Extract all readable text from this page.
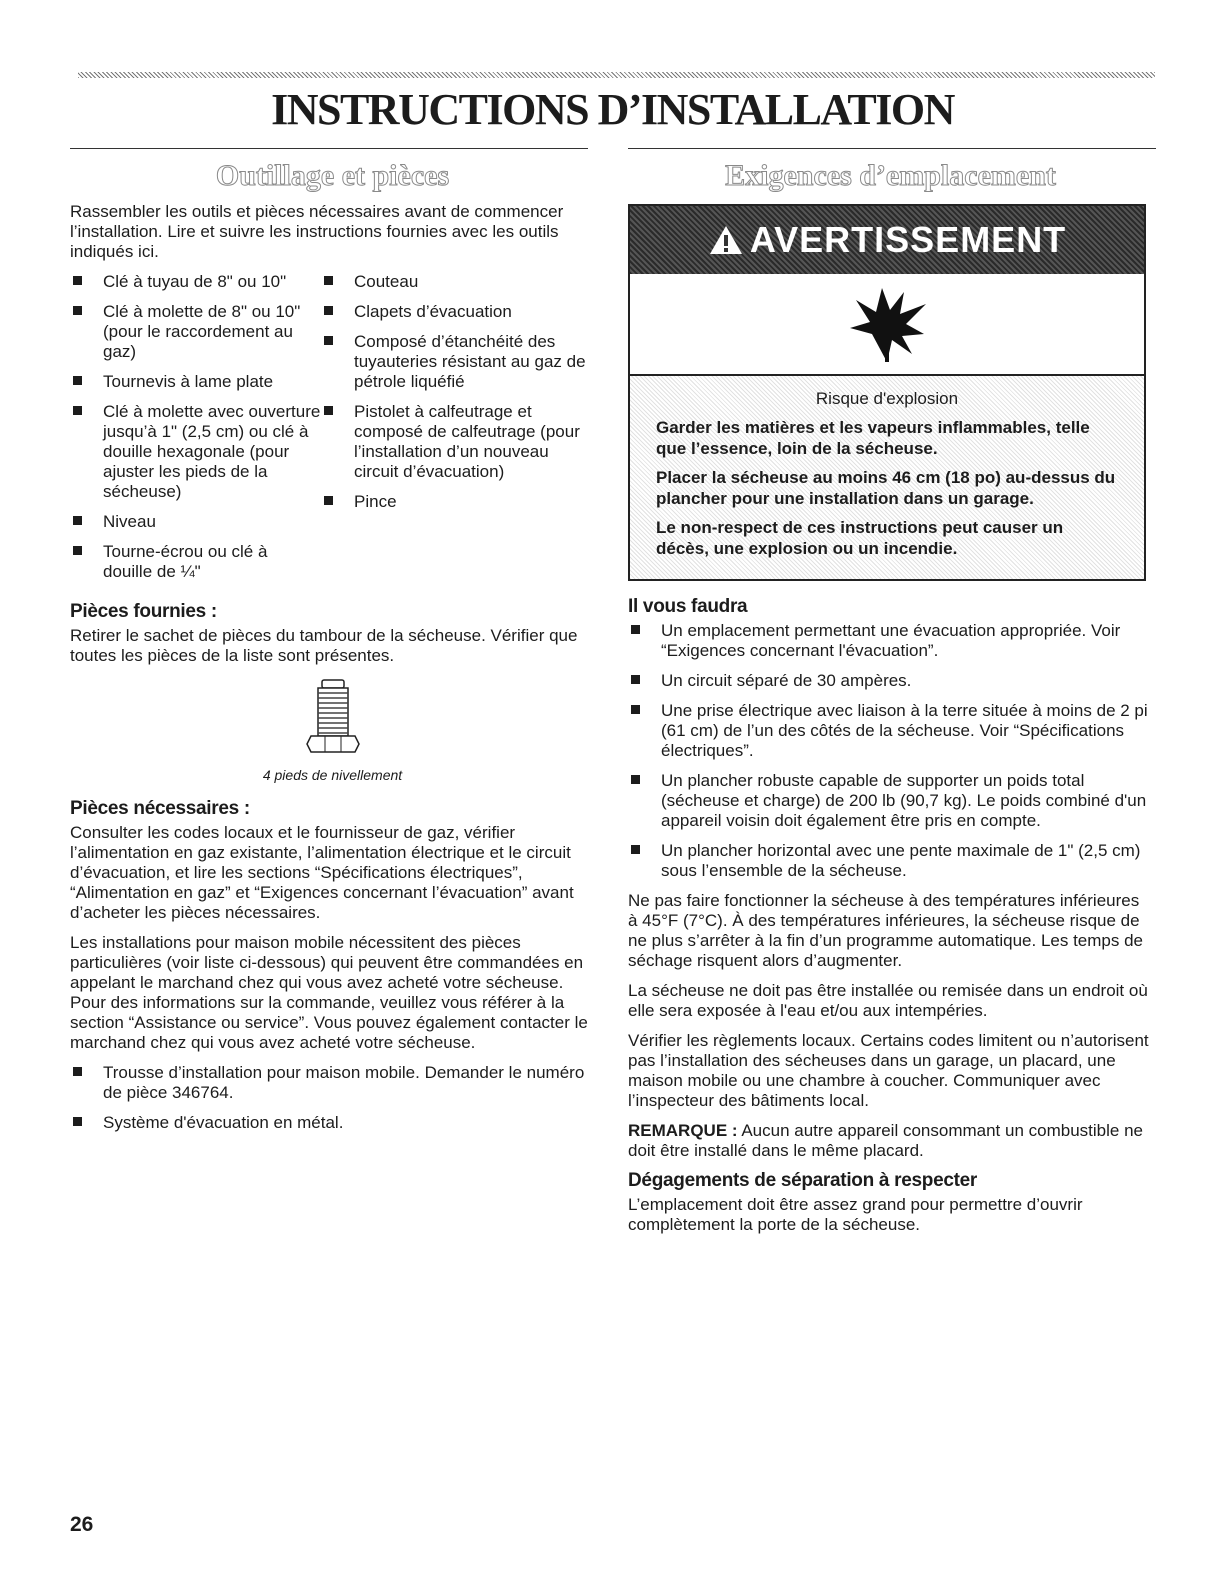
INSTRUCTIONS D’INSTALLATION
Outillage et pièces

Rassembler les outils et pièces nécessaires avant de commencer l’installation. Lire et suivre les instructions fournies avec les outils indiqués ici.

Clé à tuyau de 8" ou 10"
Clé à molette de 8" ou 10" (pour le raccordement au gaz)
Tournevis à lame plate
Clé à molette avec ouverture jusqu’à 1" (2,5 cm) ou clé à douille hexagonale (pour ajuster les pieds de la sécheuse)
Niveau
Tourne-écrou ou clé à douille de ¼"
Couteau
Clapets d’évacuation
Composé d’étanchéité des tuyauteries résistant au gaz de pétrole liquéfié
Pistolet à calfeutrage et composé de calfeutrage (pour l’installation d’un nouveau circuit d’évacuation)
Pince
Pièces fournies :

Retirer le sachet de pièces du tambour de la sécheuse. Vérifier que toutes les pièces de la liste sont présentes.

4 pieds de nivellement
Pièces nécessaires :

Consulter les codes locaux et le fournisseur de gaz, vérifier l’alimentation en gaz existante, l’alimentation électrique et le circuit d’évacuation, et lire les sections “Spécifications électriques”, “Alimentation en gaz” et “Exigences concernant l’évacuation” avant d’acheter les pièces nécessaires.

Les installations pour maison mobile nécessitent des pièces particulières (voir liste ci-dessous) qui peuvent être commandées en appelant le marchand chez qui vous avez acheté votre sécheuse. Pour des informations sur la commande, veuillez vous référer à la section “Assistance ou service”. Vous pouvez également contacter le marchand chez qui vous avez acheté votre sécheuse.

Trousse d’installation pour maison mobile. Demander le numéro de pièce 346764.
Système d'évacuation en métal.
Exigences d’emplacement
AVERTISSEMENT

Risque d'explosion

Garder les matières et les vapeurs inflammables, telle que l’essence, loin de la sécheuse.

Placer la sécheuse au moins 46 cm (18 po) au-dessus du plancher pour une installation dans un garage.

Le non-respect de ces instructions peut causer un décès, une explosion ou un incendie.

Il vous faudra
Un emplacement permettant une évacuation appropriée. Voir “Exigences concernant l'évacuation”.
Un circuit séparé de 30 ampères.
Une prise électrique avec liaison à la terre située à moins de 2 pi (61 cm) de l’un des côtés de la sécheuse. Voir “Spécifications électriques”.
Un plancher robuste capable de supporter un poids total (sécheuse et charge) de 200 lb (90,7 kg). Le poids combiné d'un appareil voisin doit également être pris en compte.
Un plancher horizontal avec une pente maximale de 1" (2,5 cm) sous l’ensemble de la sécheuse.

Ne pas faire fonctionner la sécheuse à des températures inférieures à 45°F (7°C). À des températures inférieures, la sécheuse risque de ne plus s’arrêter à la fin d’un programme automatique. Les temps de séchage risquent alors d’augmenter.

La sécheuse ne doit pas être installée ou remisée dans un endroit où elle sera exposée à l'eau et/ou aux intempéries.

Vérifier les règlements locaux. Certains codes limitent ou n’autorisent pas l’installation des sécheuses dans un garage, un placard, une maison mobile ou une chambre à coucher. Communiquer avec l’inspecteur des bâtiments local.

REMARQUE : Aucun autre appareil consommant un combustible ne doit être installé dans le même placard.

Dégagements de séparation à respecter

L’emplacement doit être assez grand pour permettre d’ouvrir complètement la porte de la sécheuse.

26
